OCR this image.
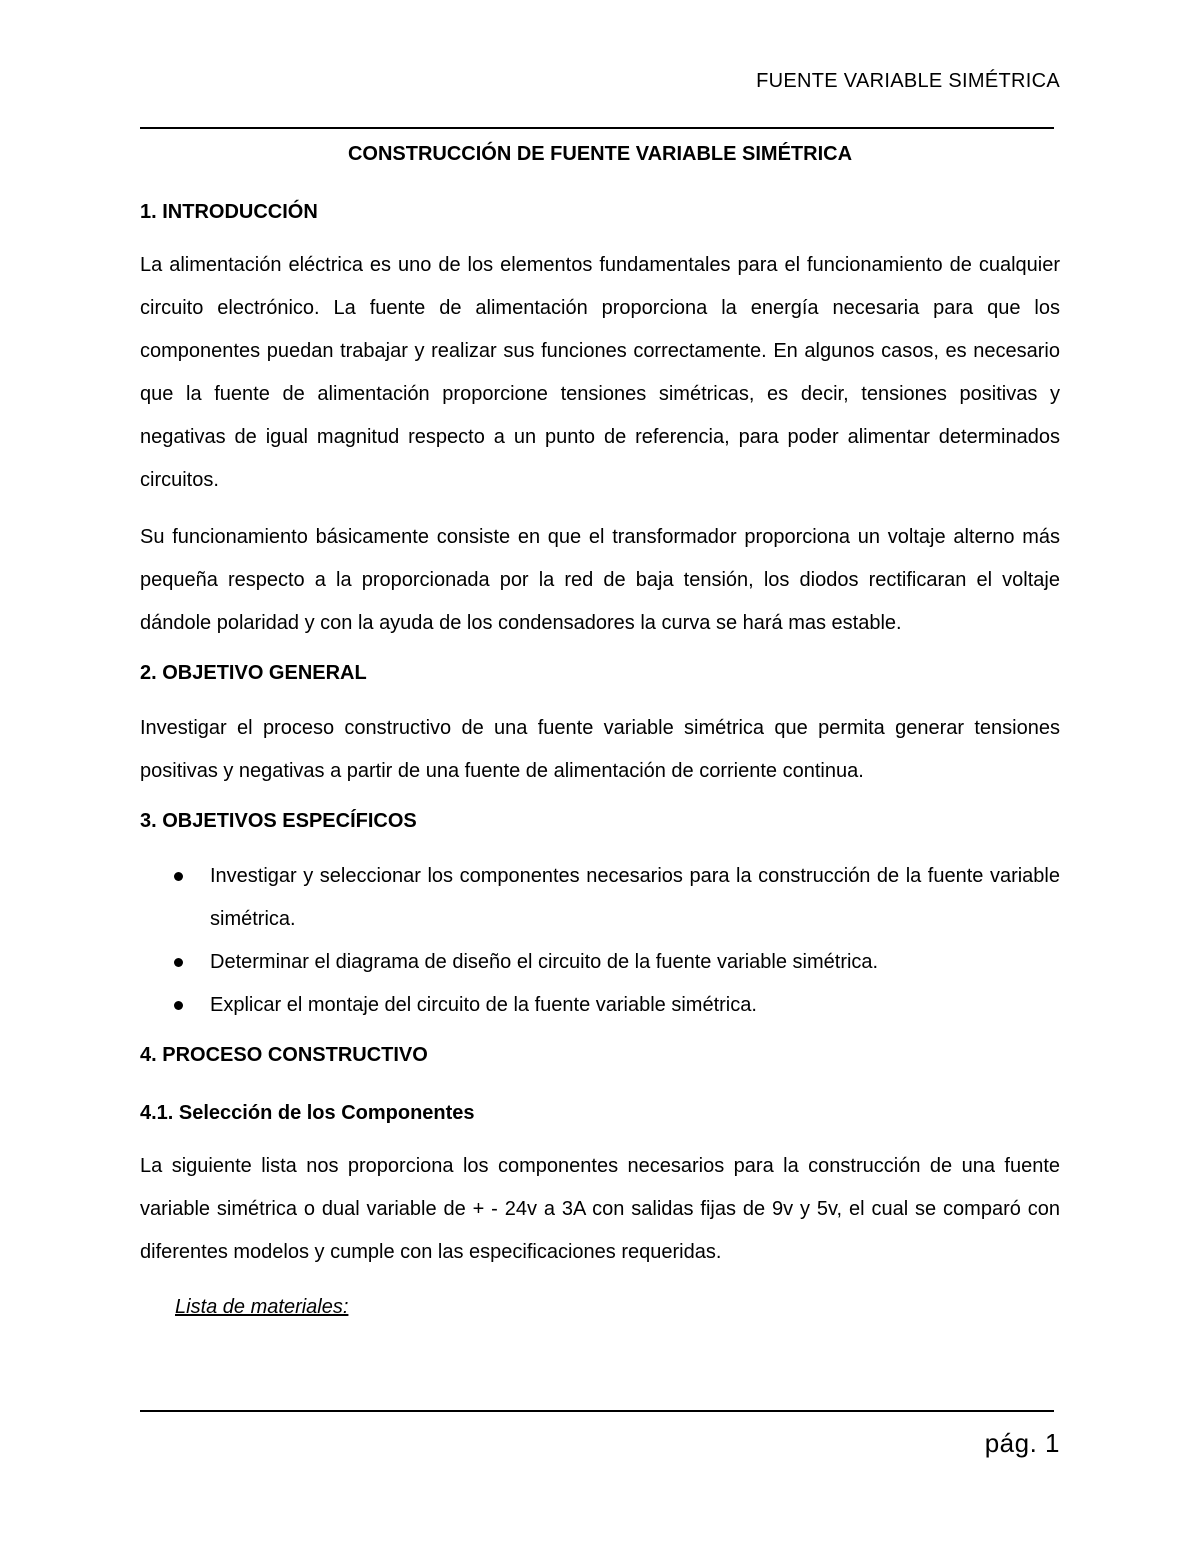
FUENTE VARIABLE SIMÉTRICA

CONSTRUCCIÓN DE FUENTE VARIABLE SIMÉTRICA

1. INTRODUCCIÓN

La alimentación eléctrica es uno de los elementos fundamentales para el funcionamiento de cualquier circuito electrónico. La fuente de alimentación proporciona la energía necesaria para que los componentes puedan trabajar y realizar sus funciones correctamente. En algunos casos, es necesario que la fuente de alimentación proporcione tensiones simétricas, es decir, tensiones positivas y negativas de igual magnitud respecto a un punto de referencia, para poder alimentar determinados circuitos.

Su funcionamiento básicamente consiste en que el transformador proporciona un voltaje alterno más pequeña respecto a la proporcionada por la red de baja tensión, los diodos rectificaran el voltaje dándole polaridad y con la ayuda de los condensadores la curva se hará mas estable.

2. OBJETIVO GENERAL

Investigar el proceso constructivo de una fuente variable simétrica que permita generar tensiones positivas y negativas a partir de una fuente de alimentación de corriente continua.

3. OBJETIVOS ESPECÍFICOS

Investigar y seleccionar los componentes necesarios para la construcción de la fuente variable simétrica.
Determinar el diagrama de diseño el circuito de la fuente variable simétrica.
Explicar el montaje del circuito de la fuente variable simétrica.

4. PROCESO CONSTRUCTIVO

4.1. Selección de los Componentes

La siguiente lista nos proporciona los componentes necesarios para la construcción de una fuente variable simétrica o dual variable de + - 24v a 3A con salidas fijas de 9v y 5v, el cual se comparó con diferentes modelos y cumple con las especificaciones requeridas.

Lista de materiales:

pág. 1
